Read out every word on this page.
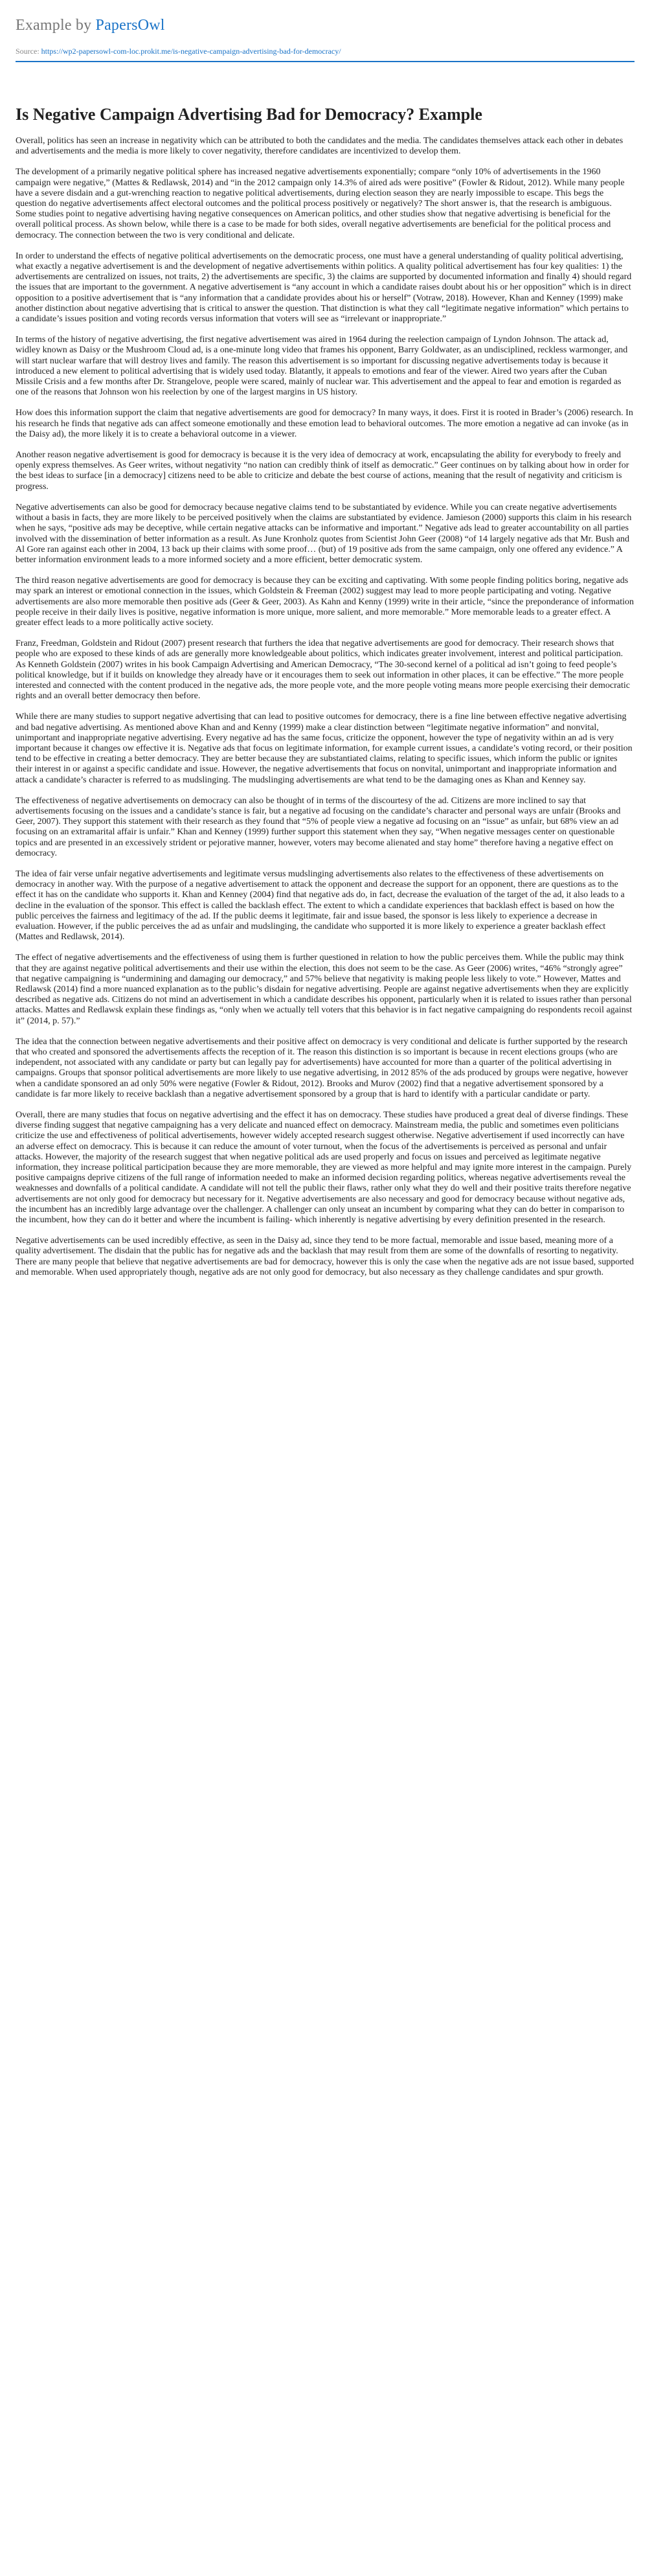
Example by PapersOwl
Source: https://wp2-papersowl-com-loc.prokit.me/is-negative-campaign-advertising-bad-for-democracy/
Is Negative Campaign Advertising Bad for Democracy? Example

Overall, politics has seen an increase in negativity which can be attributed to both the candidates and the media. The candidates themselves attack each other in debates and advertisements and the media is more likely to cover negativity, therefore candidates are incentivized to develop them.

The development of a primarily negative political sphere has increased negative advertisements exponentially; compare “only 10% of advertisements in the 1960 campaign were negative,” (Mattes & Redlawsk, 2014) and “in the 2012 campaign only 14.3% of aired ads were positive” (Fowler & Ridout, 2012). While many people have a severe disdain and a gut-wrenching reaction to negative political advertisements, during election season they are nearly impossible to escape. This begs the question do negative advertisements affect electoral outcomes and the political process positively or negatively? The short answer is, that the research is ambiguous. Some studies point to negative advertising having negative consequences on American politics, and other studies show that negative advertising is beneficial for the overall political process. As shown below, while there is a case to be made for both sides, overall negative advertisements are beneficial for the political process and democracy. The connection between the two is very conditional and delicate.

In order to understand the effects of negative political advertisements on the democratic process, one must have a general understanding of quality political advertising, what exactly a negative advertisement is and the development of negative advertisements within politics. A quality political advertisement has four key qualities: 1) the advertisements are centralized on issues, not traits, 2) the advertisements are specific, 3) the claims are supported by documented information and finally 4) should regard the issues that are important to the government. A negative advertisement is “any account in which a candidate raises doubt about his or her opposition” which is in direct opposition to a positive advertisement that is “any information that a candidate provides about his or herself” (Votraw, 2018). However, Khan and Kenney (1999) make another distinction about negative advertising that is critical to answer the question. That distinction is what they call “legitimate negative information” which pertains to a candidate’s issues position and voting records versus information that voters will see as “irrelevant or inappropriate.”

In terms of the history of negative advertising, the first negative advertisement was aired in 1964 during the reelection campaign of Lyndon Johnson. The attack ad, widley known as Daisy or the Mushroom Cloud ad, is a one-minute long video that frames his opponent, Barry Goldwater, as an undisciplined, reckless warmonger, and will start nuclear warfare that will destroy lives and family. The reason this advertisement is so important for discussing negative advertisements today is because it introduced a new element to political advertising that is widely used today. Blatantly, it appeals to emotions and fear of the viewer. Aired two years after the Cuban Missile Crisis and a few months after Dr. Strangelove, people were scared, mainly of nuclear war. This advertisement and the appeal to fear and emotion is regarded as one of the reasons that Johnson won his reelection by one of the largest margins in US history.

How does this information support the claim that negative advertisements are good for democracy? In many ways, it does. First it is rooted in Brader’s (2006) research. In his research he finds that negative ads can affect someone emotionally and these emotion lead to behavioral outcomes. The more emotion a negative ad can invoke (as in the Daisy ad), the more likely it is to create a behavioral outcome in a viewer.

Another reason negative advertisement is good for democracy is because it is the very idea of democracy at work, encapsulating the ability for everybody to freely and openly express themselves. As Geer writes, without negativity “no nation can credibly think of itself as democratic.” Geer continues on by talking about how in order for the best ideas to surface [in a democracy] citizens need to be able to criticize and debate the best course of actions, meaning that the result of negativity and criticism is progress.

Negative advertisements can also be good for democracy because negative claims tend to be substantiated by evidence. While you can create negative advertisements without a basis in facts, they are more likely to be perceived positively when the claims are substantiated by evidence. Jamieson (2000) supports this claim in his research when he says, “positive ads may be deceptive, while certain negative attacks can be informative and important.” Negative ads lead to greater accountability on all parties involved with the dissemination of better information as a result. As June Kronholz quotes from Scientist John Geer (2008) “of 14 largely negative ads that Mr. Bush and Al Gore ran against each other in 2004, 13 back up their claims with some proof… (but) of 19 positive ads from the same campaign, only one offered any evidence.” A better information environment leads to a more informed society and a more efficient, better democratic system.

The third reason negative advertisements are good for democracy is because they can be exciting and captivating. With some people finding politics boring, negative ads may spark an interest or emotional connection in the issues, which Goldstein & Freeman (2002) suggest may lead to more people participating and voting. Negative advertisements are also more memorable then positive ads (Geer & Geer, 2003). As Kahn and Kenny (1999) write in their article, “since the preponderance of information people receive in their daily lives is positive, negative information is more unique, more salient, and more memorable.” More memorable leads to a greater effect. A greater effect leads to a more politically active society.

Franz, Freedman, Goldstein and Ridout (2007) present research that furthers the idea that negative advertisements are good for democracy. Their research shows that people who are exposed to these kinds of ads are generally more knowledgeable about politics, which indicates greater involvement, interest and political participation. As Kenneth Goldstein (2007) writes in his book Campaign Advertising and American Democracy, “The 30-second kernel of a political ad isn’t going to feed people’s political knowledge, but if it builds on knowledge they already have or it encourages them to seek out information in other places, it can be effective.” The more people interested and connected with the content produced in the negative ads, the more people vote, and the more people voting means more people exercising their democratic rights and an overall better democracy then before.

While there are many studies to support negative advertising that can lead to positive outcomes for democracy, there is a fine line between effective negative advertising and bad negative advertising. As mentioned above Khan and and Kenny (1999) make a clear distinction between “legitimate negative information” and nonvital, unimportant and inappropriate negative advertising. Every negative ad has the same focus, criticize the opponent, however the type of negativity within an ad is very important because it changes ow effective it is. Negative ads that focus on legitimate information, for example current issues, a candidate’s voting record, or their position tend to be effective in creating a better democracy. They are better because they are substantiated claims, relating to specific issues, which inform the public or ignites their interest in or against a specific candidate and issue. However, the negative advertisements that focus on nonvital, unimportant and inappropriate information and attack a candidate’s character is referred to as mudslinging. The mudslinging advertisements are what tend to be the damaging ones as Khan and Kenney say.

The effectiveness of negative advertisements on democracy can also be thought of in terms of the discourtesy of the ad. Citizens are more inclined to say that advertisements focusing on the issues and a candidate’s stance is fair, but a negative ad focusing on the candidate’s character and personal ways are unfair (Brooks and Geer, 2007). They support this statement with their research as they found that “5% of people view a negative ad focusing on an “issue” as unfair, but 68% view an ad focusing on an extramarital affair is unfair.” Khan and Kenney (1999) further support this statement when they say, “When negative messages center on questionable topics and are presented in an excessively strident or pejorative manner, however, voters may become alienated and stay home” therefore having a negative effect on democracy.

The idea of fair verse unfair negative advertisements and legitimate versus mudslinging advertisements also relates to the effectiveness of these advertisements on democracy in another way. With the purpose of a negative advertisement to attack the opponent and decrease the support for an opponent, there are questions as to the effect it has on the candidate who supports it. Khan and Kenney (2004) find that negative ads do, in fact, decrease the evaluation of the target of the ad, it also leads to a decline in the evaluation of the sponsor. This effect is called the backlash effect. The extent to which a candidate experiences that backlash effect is based on how the public perceives the fairness and legitimacy of the ad. If the public deems it legitimate, fair and issue based, the sponsor is less likely to experience a decrease in evaluation. However, if the public perceives the ad as unfair and mudslinging, the candidate who supported it is more likely to experience a greater backlash effect (Mattes and Redlawsk, 2014).

The effect of negative advertisements and the effectiveness of using them is further questioned in relation to how the public perceives them. While the public may think that they are against negative political advertisements and their use within the election, this does not seem to be the case. As Geer (2006) writes, “46% “strongly agree” that negative campaigning is “undermining and damaging our democracy,” and 57% believe that negativity is making people less likely to vote.” However, Mattes and Redlawsk (2014) find a more nuanced explanation as to the public’s disdain for negative advertising. People are against negative advertisements when they are explicitly described as negative ads. Citizens do not mind an advertisement in which a candidate describes his opponent, particularly when it is related to issues rather than personal attacks. Mattes and Redlawsk explain these findings as, “only when we actually tell voters that this behavior is in fact negative campaigning do respondents recoil against it” (2014, p. 57).”

The idea that the connection between negative advertisements and their positive affect on democracy is very conditional and delicate is further supported by the research that who created and sponsored the advertisements affects the reception of it. The reason this distinction is so important is because in recent elections groups (who are independent, not associated with any candidate or party but can legally pay for advertisements) have accounted for more than a quarter of the political advertising in campaigns. Groups that sponsor political advertisements are more likely to use negative advertising, in 2012 85% of the ads produced by groups were negative, however when a candidate sponsored an ad only 50% were negative (Fowler & Ridout, 2012). Brooks and Murov (2002) find that a negative advertisement sponsored by a candidate is far more likely to receive backlash than a negative advertisement sponsored by a group that is hard to identify with a particular candidate or party.

Overall, there are many studies that focus on negative advertising and the effect it has on democracy. These studies have produced a great deal of diverse findings. These diverse finding suggest that negative campaigning has a very delicate and nuanced effect on democracy. Mainstream media, the public and sometimes even politicians criticize the use and effectiveness of political advertisements, however widely accepted research suggest otherwise. Negative advertisement if used incorrectly can have an adverse effect on democracy. This is because it can reduce the amount of voter turnout, when the focus of the advertisements is perceived as personal and unfair attacks. However, the majority of the research suggest that when negative political ads are used properly and focus on issues and perceived as legitimate negative information, they increase political participation because they are more memorable, they are viewed as more helpful and may ignite more interest in the campaign. Purely positive campaigns deprive citizens of the full range of information needed to make an informed decision regarding politics, whereas negative advertisements reveal the weaknesses and downfalls of a political candidate. A candidate will not tell the public their flaws, rather only what they do well and their positive traits therefore negative advertisements are not only good for democracy but necessary for it. Negative advertisements are also necessary and good for democracy because without negative ads, the incumbent has an incredibly large advantage over the challenger. A challenger can only unseat an incumbent by comparing what they can do better in comparison to the incumbent, how they can do it better and where the incumbent is failing- which inherently is negative advertising by every definition presented in the research.

Negative advertisements can be used incredibly effective, as seen in the Daisy ad, since they tend to be more factual, memorable and issue based, meaning more of a quality advertisement. The disdain that the public has for negative ads and the backlash that may result from them are some of the downfalls of resorting to negativity. There are many people that believe that negative advertisements are bad for democracy, however this is only the case when the negative ads are not issue based, supported and memorable. When used appropriately though, negative ads are not only good for democracy, but also necessary as they challenge candidates and spur growth.
